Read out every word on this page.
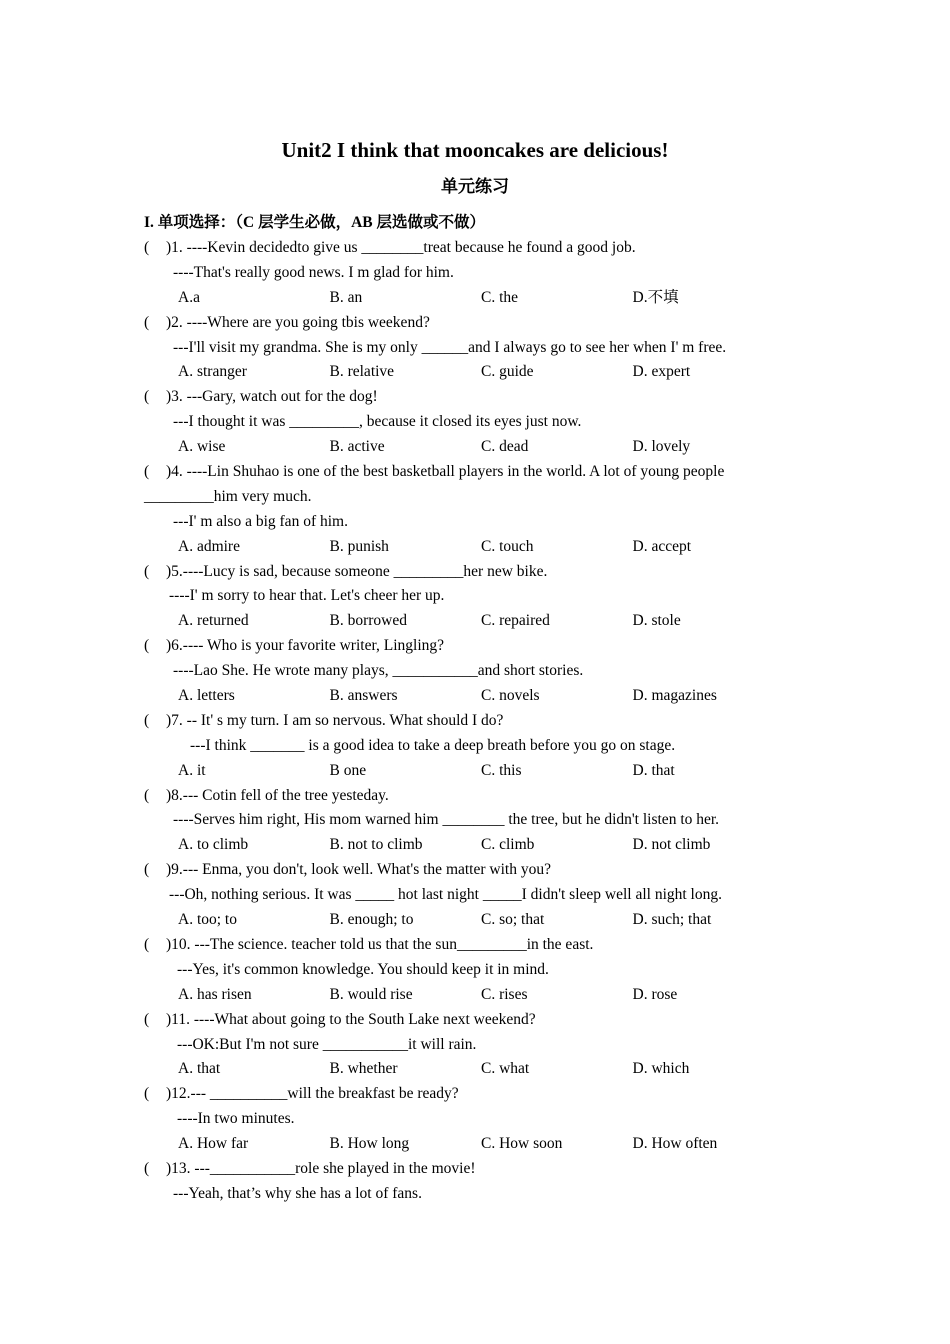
Unit2 I think that mooncakes are delicious!
单元练习
I. 单项选择：（C 层学生必做，AB 层选做或不做）
(	)1. ----Kevin decidedto give us ________treat because he found a good job.
----That's really good news. I m glad for him.
A.a	B. an	C. the	D.不填
(	)2. ----Where are you going tbis weekend?
---I'll visit my grandma. She is my only ______and I always go to see her when I' m free.
A. stranger	B. relative	C. guide	D. expert
(	)3. ---Gary, watch out for the dog!
---I thought it was _________, because it closed its eyes just now.
A. wise	B. active	C. dead	D. lovely
(	)4. ----Lin Shuhao is one of the best basketball players in the world. A lot of young people
_________him very much.
---I' m also a big fan of him.
A. admire	B. punish	C. touch	D. accept
(	)5.----Lucy is sad, because someone _________her new bike.
----I' m sorry to hear that. Let's cheer her up.
A. returned	B. borrowed	C. repaired	D. stole
(	)6.---- Who is your favorite writer, Lingling?
----Lao She. He wrote many plays, ___________and short stories.
A. letters	B. answers	C. novels	D. magazines
(	)7. -- It' s my turn. I am so nervous. What should I do?
---I think _______ is a good idea to take a deep breath before you go on stage.
A. it	B one	C. this	D. that
(	)8.--- Cotin fell of the tree yesteday.
----Serves him right, His mom warned him ________ the tree, but he didn't listen to her.
A. to climb	B. not to climb	C. climb	D. not climb
(	)9.--- Enma, you don't, look well. What's the matter with you?
---Oh, nothing serious. It was _____ hot last night _____I didn't sleep well all night long.
A. too; to	B. enough; to	C. so; that	D. such; that
(	)10. ---The science. teacher told us that the sun_________in the east.
---Yes, it's common knowledge. You should keep it in mind.
A. has risen	B. would rise	C. rises	D. rose
(	)11. ----What about going to the South Lake next weekend?
---OK:But I'm not sure ___________it will rain.
A. that	B. whether	C. what	D. which
(	)12.--- __________will the breakfast be ready?
----In two minutes.
A. How far	B. How long	C. How soon	D. How often
(	)13. ---___________role she played in the movie!
---Yeah, that’s why she has a lot of fans.
